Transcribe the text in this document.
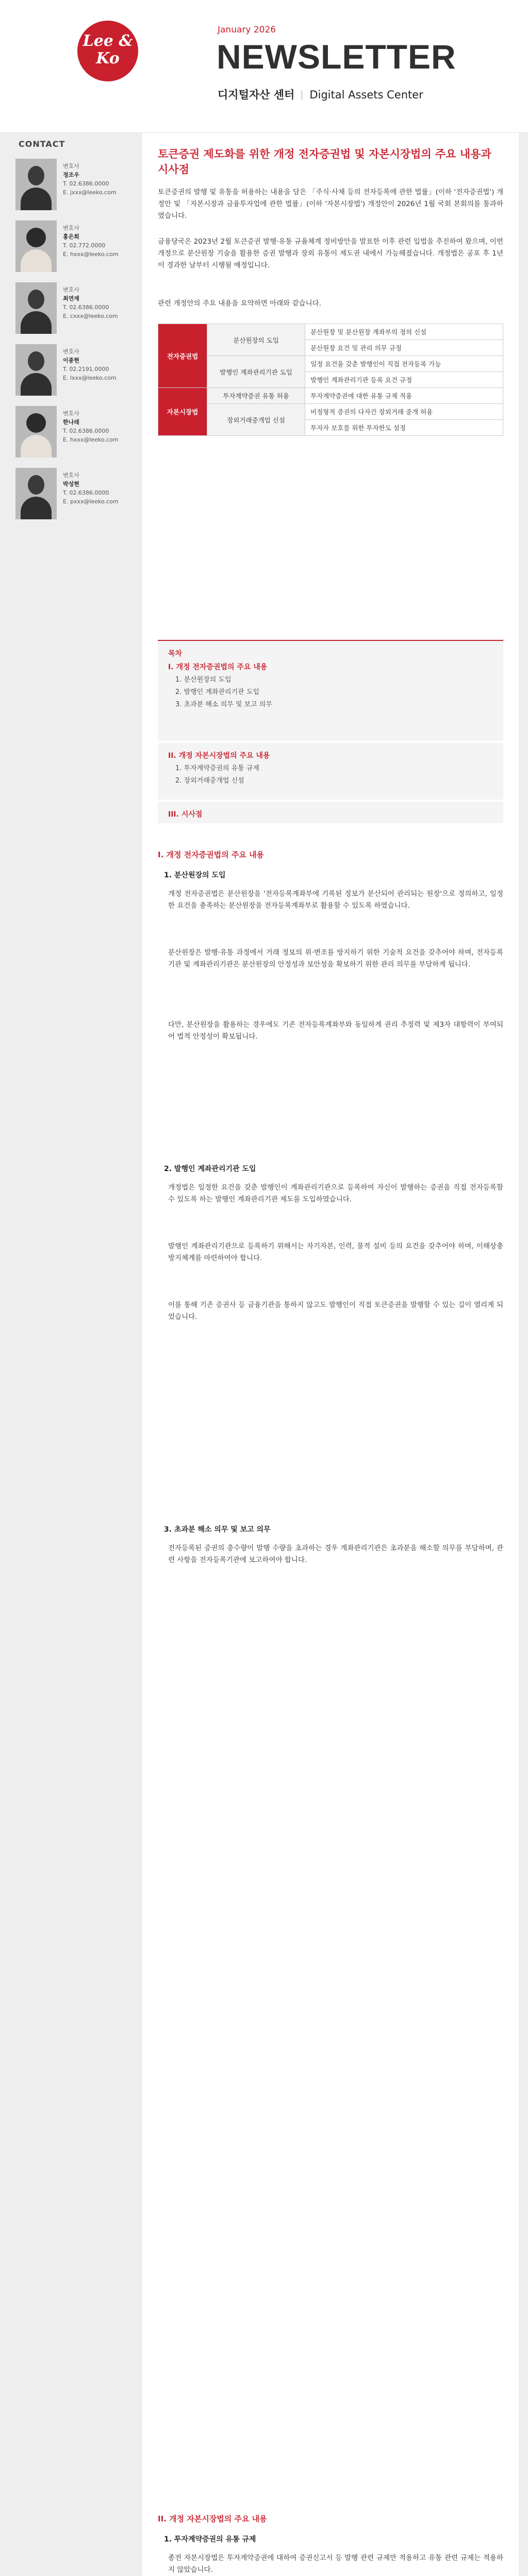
Lee &
Ko
January 2026
NEWSLETTER
디지털자산 센터 Digital Assets Center
CONTACT
변호사
정조우
T. 02.6386.0000
E. jxxx@leeko.com
변호사
홍은희
T. 02.772.0000
E. hxxx@leeko.com
변호사
최연재
T. 02.6386.0000
E. cxxx@leeko.com
변호사
이종현
T. 02.2191.0000
E. lxxx@leeko.com
변호사
한나래
T. 02.6386.0000
E. hxxx@leeko.com
변호사
박성현
T. 02.6386.0000
E. pxxx@leeko.com
토큰증권 제도화를 위한 개정 전자증권법 및 자본시장법의 주요 내용과 시사점

토큰증권의 발행 및 유통을 허용하는 내용을 담은 「주식·사채 등의 전자등록에 관한 법률」(이하 '전자증권법') 개정안 및 「자본시장과 금융투자업에 관한 법률」(이하 '자본시장법') 개정안이 2026년 1월 국회 본회의를 통과하였습니다.

금융당국은 2023년 2월 토큰증권 발행·유통 규율체계 정비방안을 발표한 이후 관련 입법을 추진하여 왔으며, 이번 개정으로 분산원장 기술을 활용한 증권 발행과 장외 유통이 제도권 내에서 가능해졌습니다. 개정법은 공포 후 1년이 경과한 날부터 시행될 예정입니다.

관련 개정안의 주요 내용을 요약하면 아래와 같습니다.

전자증권법	분산원장의 도입	분산원장 및 분산원장 계좌부의 정의 신설
		분산원장 요건 및 관리 의무 규정
	발행인 계좌관리기관 도입	일정 요건을 갖춘 발행인이 직접 전자등록 가능
		발행인 계좌관리기관 등록 요건 규정
자본시장법	투자계약증권 유통 허용	투자계약증권에 대한 유통 규제 적용
	장외거래중개업 신설	비정형적 증권의 다자간 장외거래 중개 허용
		투자자 보호를 위한 투자한도 설정
목차
I. 개정 전자증권법의 주요 내용
1. 분산원장의 도입
2. 발행인 계좌관리기관 도입
3. 초과분 해소 의무 및 보고 의무
II. 개정 자본시장법의 주요 내용
1. 투자계약증권의 유통 규제
2. 장외거래중개업 신설
III. 시사점
I. 개정 전자증권법의 주요 내용
1. 분산원장의 도입

개정 전자증권법은 분산원장을 '전자등록계좌부에 기록된 정보가 분산되어 관리되는 원장'으로 정의하고, 일정한 요건을 충족하는 분산원장을 전자등록계좌부로 활용할 수 있도록 하였습니다.

분산원장은 발행·유통 과정에서 거래 정보의 위·변조를 방지하기 위한 기술적 요건을 갖추어야 하며, 전자등록기관 및 계좌관리기관은 분산원장의 안정성과 보안성을 확보하기 위한 관리 의무를 부담하게 됩니다.

다만, 분산원장을 활용하는 경우에도 기존 전자등록계좌부와 동일하게 권리 추정력 및 제3자 대항력이 부여되어 법적 안정성이 확보됩니다.

2. 발행인 계좌관리기관 도입

개정법은 일정한 요건을 갖춘 발행인이 계좌관리기관으로 등록하여 자신이 발행하는 증권을 직접 전자등록할 수 있도록 하는 발행인 계좌관리기관 제도를 도입하였습니다.

발행인 계좌관리기관으로 등록하기 위해서는 자기자본, 인력, 물적 설비 등의 요건을 갖추어야 하며, 이해상충 방지체계를 마련하여야 합니다.

이를 통해 기존 증권사 등 금융기관을 통하지 않고도 발행인이 직접 토큰증권을 발행할 수 있는 길이 열리게 되었습니다.

3. 초과분 해소 의무 및 보고 의무

전자등록된 증권의 총수량이 발행 수량을 초과하는 경우 계좌관리기관은 초과분을 해소할 의무를 부담하며, 관련 사항을 전자등록기관에 보고하여야 합니다.

II. 개정 자본시장법의 주요 내용
1. 투자계약증권의 유통 규제

종전 자본시장법은 투자계약증권에 대하여 증권신고서 등 발행 관련 규제만 적용하고 유통 관련 규제는 적용하지 않았습니다.
